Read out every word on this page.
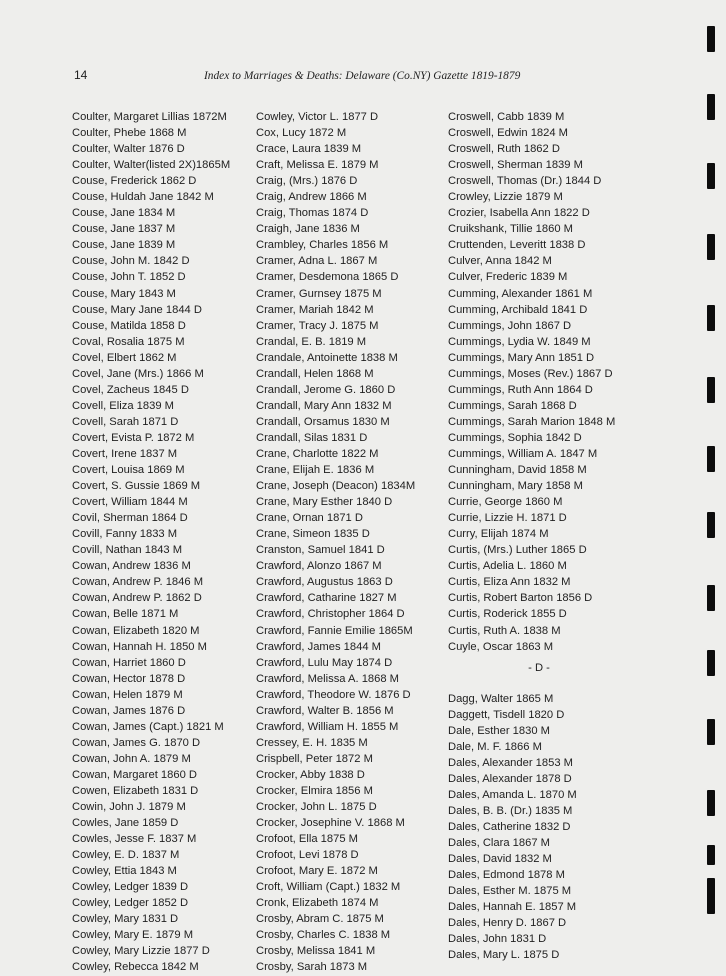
14	Index to Marriages & Deaths: Delaware (Co.NY) Gazette 1819-1879
Coulter, Margaret Lillias 1872M
Coulter, Phebe 1868 M
Coulter, Walter 1876 D
Coulter, Walter(listed 2X)1865M
Couse, Frederick 1862 D
Couse, Huldah Jane 1842 M
Couse, Jane 1834 M
Couse, Jane 1837 M
Couse, Jane 1839 M
Couse, John M. 1842 D
Couse, John T. 1852 D
Couse, Mary 1843 M
Couse, Mary Jane 1844 D
Couse, Matilda 1858 D
Coval, Rosalia 1875 M
Covel, Elbert 1862 M
Covel, Jane (Mrs.) 1866 M
Covel, Zacheus 1845 D
Covell, Eliza 1839 M
Covell, Sarah 1871 D
Covert, Evista P. 1872 M
Covert, Irene 1837 M
Covert, Louisa 1869 M
Covert, S. Gussie 1869 M
Covert, William 1844 M
Covil, Sherman 1864 D
Covill, Fanny 1833 M
Covill, Nathan 1843 M
Cowan, Andrew 1836 M
Cowan, Andrew P. 1846 M
Cowan, Andrew P. 1862 D
Cowan, Belle 1871 M
Cowan, Elizabeth 1820 M
Cowan, Hannah H. 1850 M
Cowan, Harriet 1860 D
Cowan, Hector 1878 D
Cowan, Helen 1879 M
Cowan, James 1876 D
Cowan, James (Capt.) 1821 M
Cowan, James G. 1870 D
Cowan, John A. 1879 M
Cowan, Margaret 1860 D
Cowen, Elizabeth 1831 D
Cowin, John J. 1879 M
Cowles, Jane 1859 D
Cowles, Jesse F. 1837 M
Cowley, E. D. 1837 M
Cowley, Ettia 1843 M
Cowley, Ledger 1839 D
Cowley, Ledger 1852 D
Cowley, Mary 1831 D
Cowley, Mary E. 1879 M
Cowley, Mary Lizzie 1877 D
Cowley, Rebecca 1842 M
Cowley, Victor L. 1877 D
Cox, Lucy 1872 M
Crace, Laura 1839 M
Craft, Melissa E. 1879 M
Craig, (Mrs.) 1876 D
Craig, Andrew 1866 M
Craig, Thomas 1874 D
Craigh, Jane 1836 M
Crambley, Charles 1856 M
Cramer, Adna L. 1867 M
Cramer, Desdemona 1865 D
Cramer, Gurnsey 1875 M
Cramer, Mariah 1842 M
Cramer, Tracy J. 1875 M
Crandal, E. B. 1819 M
Crandale, Antoinette 1838 M
Crandall, Helen 1868 M
Crandall, Jerome G. 1860 D
Crandall, Mary Ann 1832 M
Crandall, Orsamus 1830 M
Crandall, Silas 1831 D
Crane, Charlotte 1822 M
Crane, Elijah E. 1836 M
Crane, Joseph (Deacon) 1834M
Crane, Mary Esther 1840 D
Crane, Ornan 1871 D
Crane, Simeon 1835 D
Cranston, Samuel 1841 D
Crawford, Alonzo 1867 M
Crawford, Augustus 1863 D
Crawford, Catharine 1827 M
Crawford, Christopher 1864 D
Crawford, Fannie Emilie 1865M
Crawford, James 1844 M
Crawford, Lulu May 1874 D
Crawford, Melissa A. 1868 M
Crawford, Theodore W. 1876 D
Crawford, Walter B. 1856 M
Crawford, William H. 1855 M
Cressey, E. H. 1835 M
Crispbell, Peter 1872 M
Crocker, Abby 1838 D
Crocker, Elmira 1856 M
Crocker, John L. 1875 D
Crocker, Josephine V. 1868 M
Crofoot, Ella 1875 M
Crofoot, Levi 1878 D
Crofoot, Mary E. 1872 M
Croft, William (Capt.) 1832 M
Cronk, Elizabeth 1874 M
Crosby, Abram C. 1875 M
Crosby, Charles C. 1838 M
Crosby, Melissa 1841 M
Crosby, Sarah 1873 M
Croswell, Cabb 1839 M
Croswell, Edwin 1824 M
Croswell, Ruth 1862 D
Croswell, Sherman 1839 M
Croswell, Thomas (Dr.) 1844 D
Crowley, Lizzie 1879 M
Crozier, Isabella Ann 1822 D
Cruikshank, Tillie 1860 M
Cruttenden, Leveritt 1838 D
Culver, Anna 1842 M
Culver, Frederic 1839 M
Cumming, Alexander 1861 M
Cumming, Archibald 1841 D
Cummings, John 1867 D
Cummings, Lydia W. 1849 M
Cummings, Mary Ann 1851 D
Cummings, Moses (Rev.) 1867 D
Cummings, Ruth Ann 1864 D
Cummings, Sarah 1868 D
Cummings, Sarah Marion 1848 M
Cummings, Sophia 1842 D
Cummings, William A. 1847 M
Cunningham, David 1858 M
Cunningham, Mary 1858 M
Currie, George 1860 M
Currie, Lizzie H. 1871 D
Curry, Elijah 1874 M
Curtis, (Mrs.) Luther 1865 D
Curtis, Adelia L. 1860 M
Curtis, Eliza Ann 1832 M
Curtis, Robert Barton 1856 D
Curtis, Roderick 1855 D
Curtis, Ruth A. 1838 M
Cuyle, Oscar 1863 M
- D -
Dagg, Walter 1865 M
Daggett, Tisdell 1820 D
Dale, Esther 1830 M
Dale, M. F. 1866 M
Dales, Alexander 1853 M
Dales, Alexander 1878 D
Dales, Amanda L. 1870 M
Dales, B. B. (Dr.) 1835 M
Dales, Catherine 1832 D
Dales, Clara 1867 M
Dales, David 1832 M
Dales, Edmond 1878 M
Dales, Esther M. 1875 M
Dales, Hannah E. 1857 M
Dales, Henry D. 1867 D
Dales, John 1831 D
Dales, Mary L. 1875 D
